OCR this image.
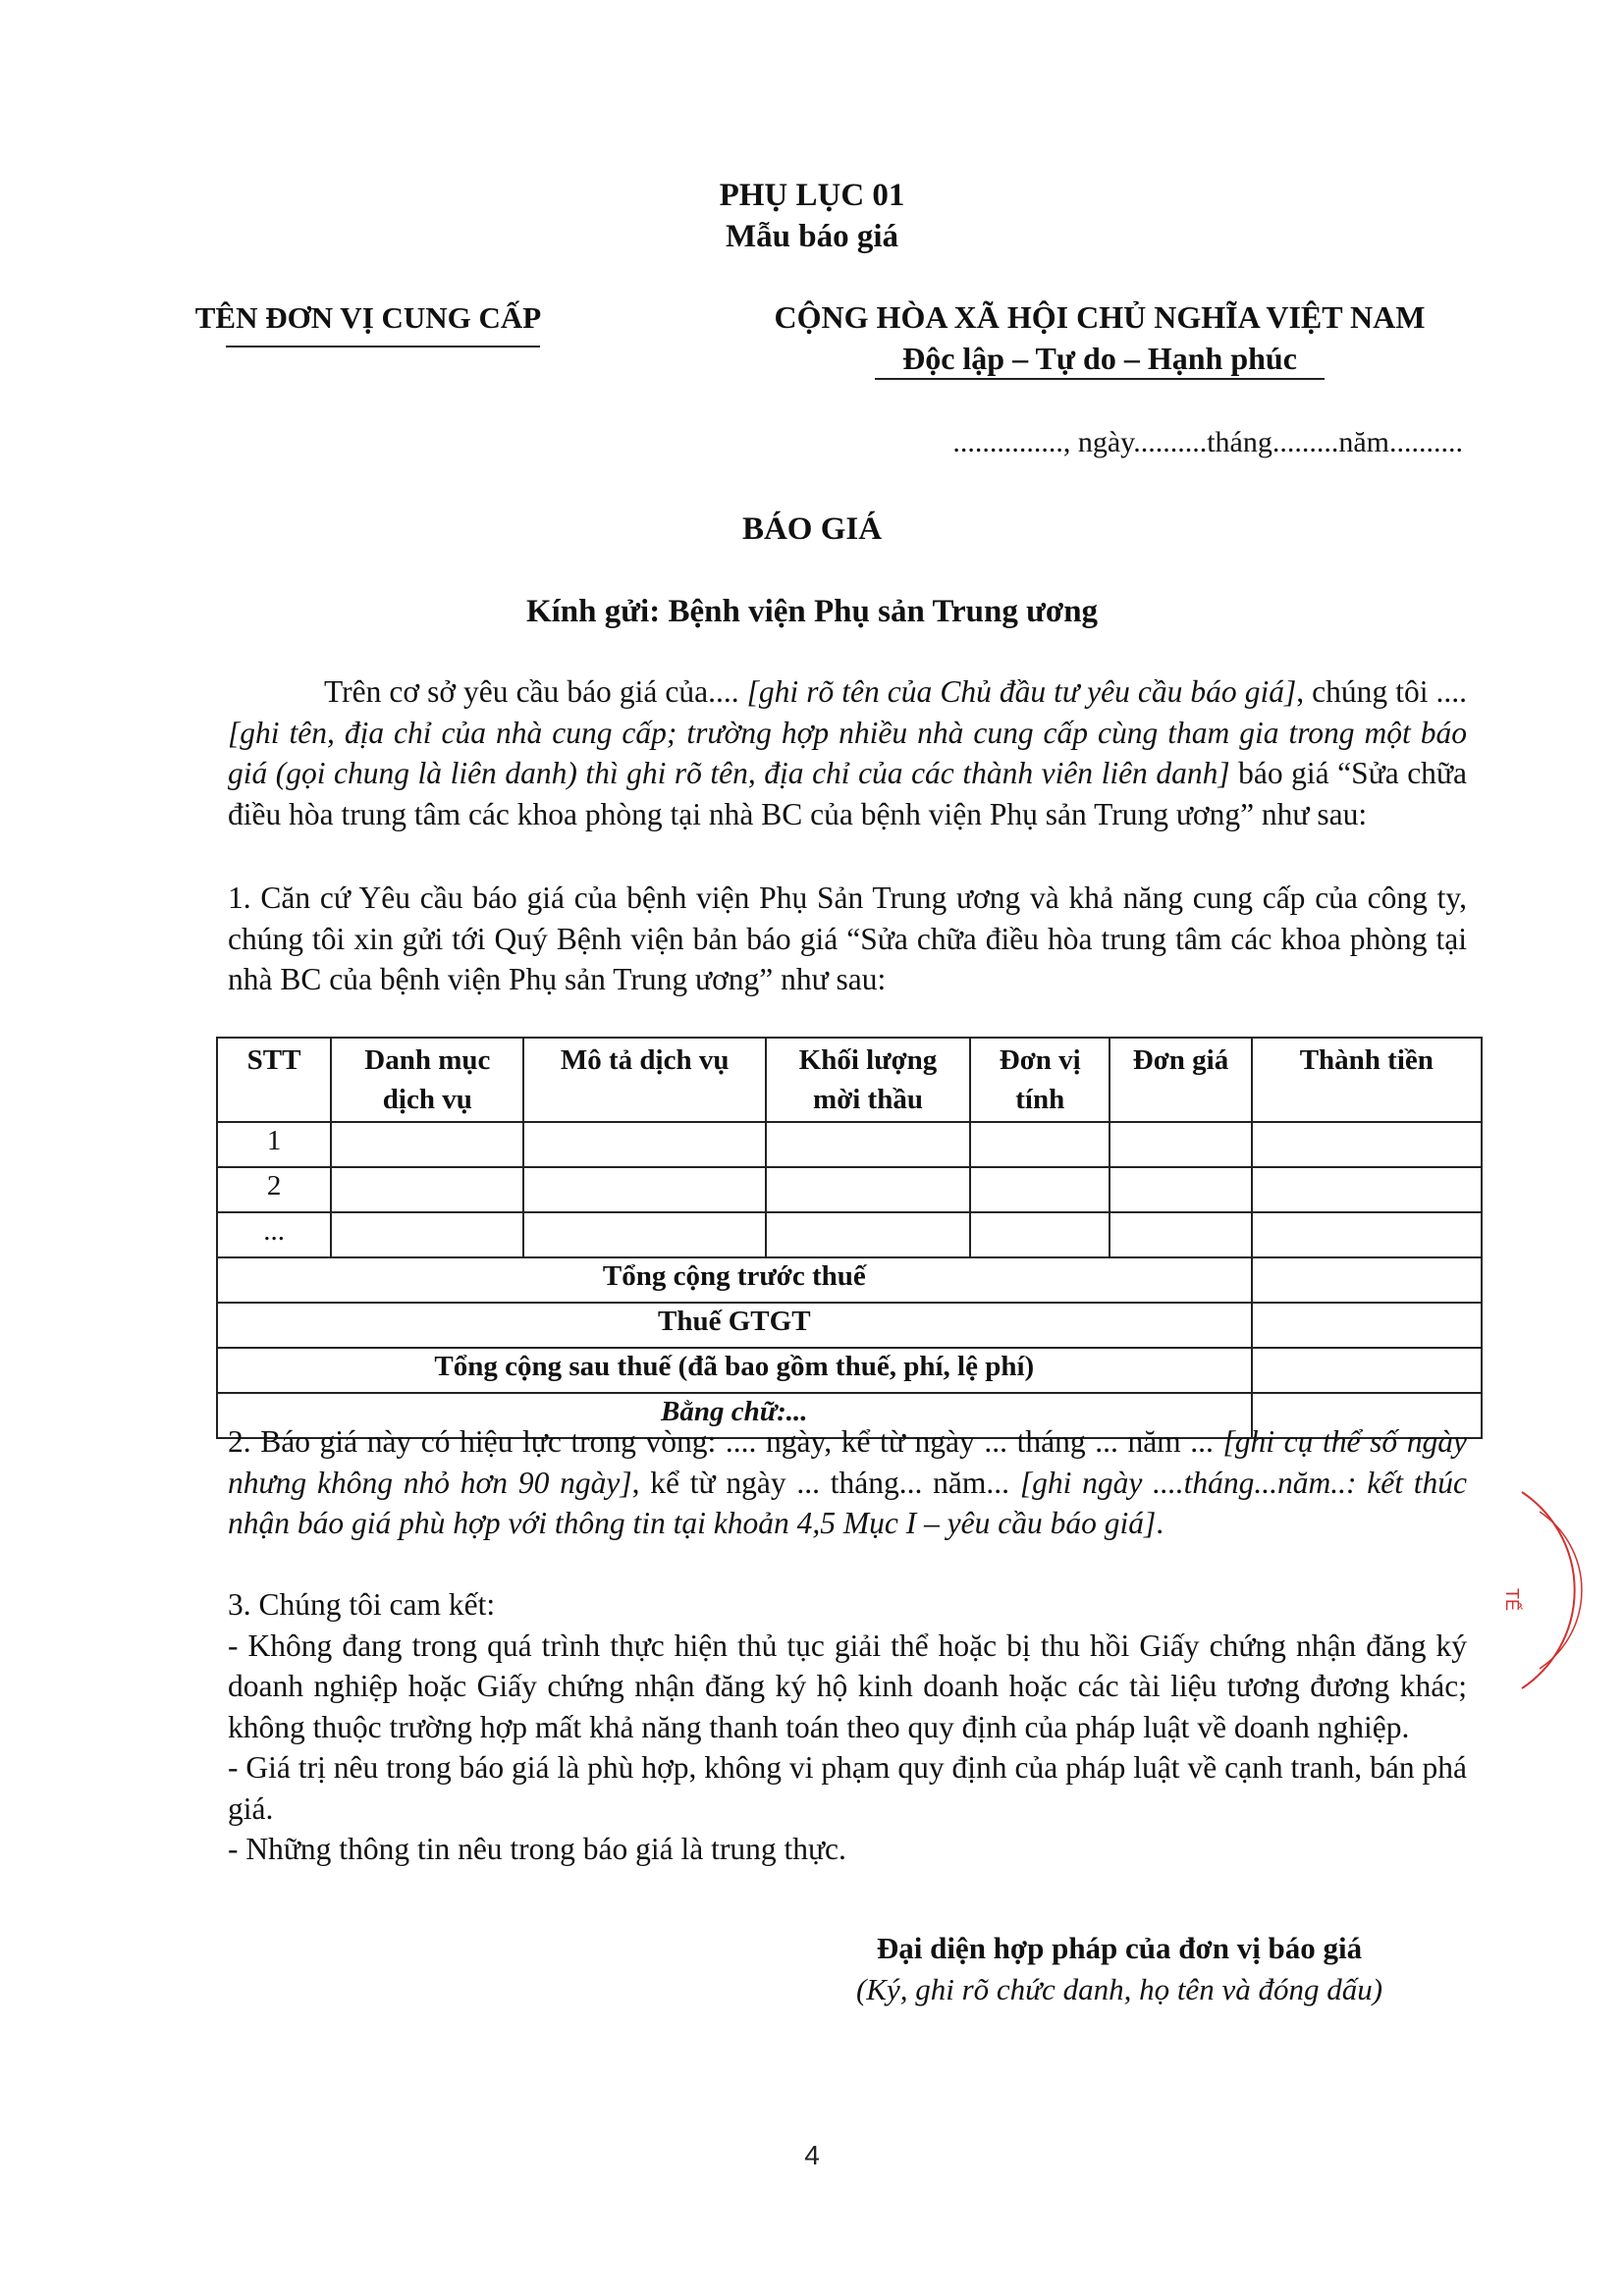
PHỤ LỤC 01
Mẫu báo giá
TÊN ĐƠN VỊ CUNG CẤP	CỘNG HÒA XÃ HỘI CHỦ NGHĨA VIỆT NAM
Độc lập – Tự do – Hạnh phúc
..............., ngày..........tháng.........năm..........
BÁO GIÁ
Kính gửi: Bệnh viện Phụ sản Trung ương
Trên cơ sở yêu cầu báo giá của.... [ghi rõ tên của Chủ đầu tư yêu cầu báo giá], chúng tôi .... [ghi tên, địa chỉ của nhà cung cấp; trường hợp nhiều nhà cung cấp cùng tham gia trong một báo giá (gọi chung là liên danh) thì ghi rõ tên, địa chỉ của các thành viên liên danh] báo giá “Sửa chữa điều hòa trung tâm các khoa phòng tại nhà BC của bệnh viện Phụ sản Trung ương” như sau:
1. Căn cứ Yêu cầu báo giá của bệnh viện Phụ Sản Trung ương và khả năng cung cấp của công ty, chúng tôi xin gửi tới Quý Bệnh viện bản báo giá “Sửa chữa điều hòa trung tâm các khoa phòng tại nhà BC của bệnh viện Phụ sản Trung ương” như sau:
STT	Danh mục dịch vụ	Mô tả dịch vụ	Khối lượng mời thầu	Đơn vị tính	Đơn giá	Thành tiền
1						
2						
...						
Tổng cộng trước thuế						
Thuế GTGT						
Tổng cộng sau thuế (đã bao gồm thuế, phí, lệ phí)						
Bằng chữ:...						
2. Báo giá này có hiệu lực trong vòng: .... ngày, kể từ ngày ... tháng ... năm ... [ghi cụ thể số ngày nhưng không nhỏ hơn 90 ngày], kể từ ngày ... tháng... năm... [ghi ngày ....tháng...năm..: kết thúc nhận báo giá phù hợp với thông tin tại khoản 4,5 Mục I – yêu cầu báo giá].
3. Chúng tôi cam kết:
- Không đang trong quá trình thực hiện thủ tục giải thể hoặc bị thu hồi Giấy chứng nhận đăng ký doanh nghiệp hoặc Giấy chứng nhận đăng ký hộ kinh doanh hoặc các tài liệu tương đương khác; không thuộc trường hợp mất khả năng thanh toán theo quy định của pháp luật về doanh nghiệp.
- Giá trị nêu trong báo giá là phù hợp, không vi phạm quy định của pháp luật về cạnh tranh, bán phá giá.
- Những thông tin nêu trong báo giá là trung thực.
Đại diện hợp pháp của đơn vị báo giá
(Ký, ghi rõ chức danh, họ tên và đóng dấu)
TẾ
4
